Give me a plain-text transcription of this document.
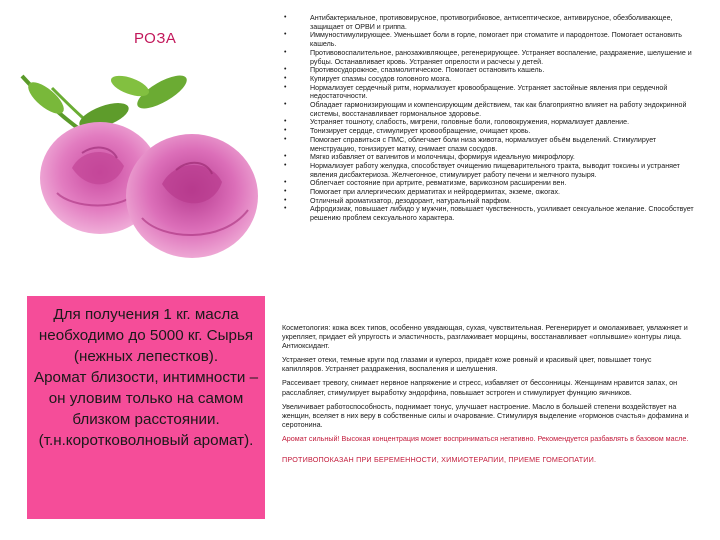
РОЗА

Для получения 1 кг. масла необходимо до 5000 кг. Сырья (нежных лепестков).
Аромат близости, интимности – он уловим только на самом близком расстоянии.
(т.н.коротковолновый аромат).

•	Антибактериальное, противовирусное, противогрибковое, антисептическое, антивирусное, обезболивающее, защищает от ОРВИ и гриппа.
•	Иммуностимулирующее. Уменьшает боли в горле, помогает при стоматите и пародонтозе. Помогает остановить кашель.
•	Противовоспалительное, ранозаживляющее, регенерирующее. Устраняет воспаление, раздражение, шелушение и рубцы. Останавливает кровь. Устраняет опрелости и расчесы у детей.
•	Противосудорожное, спазмолитическое. Помогает остановить кашель.
•	Купирует спазмы сосудов головного мозга.
•	Нормализует сердечный ритм, нормализует кровообращение. Устраняет застойные явления при сердечной недостаточности.
•	Обладает гармонизирующим и компенсирующим действием, так как благоприятно влияет на работу эндокринной системы, восстанавливает гормональное здоровье.
•	Устраняет тошноту, слабость, мигрени, головные боли, головокружения, нормализует давление.
•	Тонизирует сердце, стимулирует кровообращение, очищает кровь.
•	Помогает справиться с ПМС, облегчает боли низа живота, нормализует объём выделений. Стимулирует менструацию, тонизирует матку, снимает спазм сосудов.
•	Мягко избавляет от вагинитов и молочницы, формируя идеальную микрофлору.
•	Нормализует работу желудка, способствует очищению пищеварительного тракта, выводит токсины и устраняет явления дисбактериоза. Желчегонное, стимулирует работу печени и желчного пузыря.
•	Облегчает состояние при артрите, ревматизме, варикозном расширении вен.
•	Помогает при аллергических дерматитах и нейродермитах, экземе, ожогах.
•	Отличный ароматизатор, дезодорант, натуральный парфюм.
•	Афродизиак, повышает либидо у мужчин, повышает чувственность, усиливает сексуальное желание. Способствует решению проблем сексуального характера.

Косметология: кожа всех типов, особенно увядающая, сухая, чувствительная. Регенерирует и омолаживает, увлажняет и укрепляет, придает ей упругость и эластичность, разглаживает морщины, восстанавливает «оплывшие» контуры лица. Антиоксидант.

Устраняет отеки, темные круги под глазами и купероз, придаёт коже ровный и красивый цвет, повышает тонус капилляров. Устраняет раздражения, воспаления и шелушения.

Рассеивает тревогу, снимает нервное напряжение и стресс, избавляет от бессонницы. Женщинам нравится запах, он расслабляет, стимулирует выработку эндорфина, повышает эстроген и стимулирует функцию яичников.

Увеличивает работоспособность, поднимает тонус, улучшает настроение. Масло в большей степени воздействует на женщин, вселяет в них веру в собственные силы и очарование. Стимулируя выделение «гормонов счастья» дофамина и серотонина.

Аромат сильный! Высокая концентрация может восприниматься негативно. Рекомендуется разбавлять в базовом масле.

ПРОТИВОПОКАЗАН ПРИ БЕРЕМЕННОСТИ, ХИМИОТЕРАПИИ, ПРИЕМЕ ГОМЕОПАТИИ.
